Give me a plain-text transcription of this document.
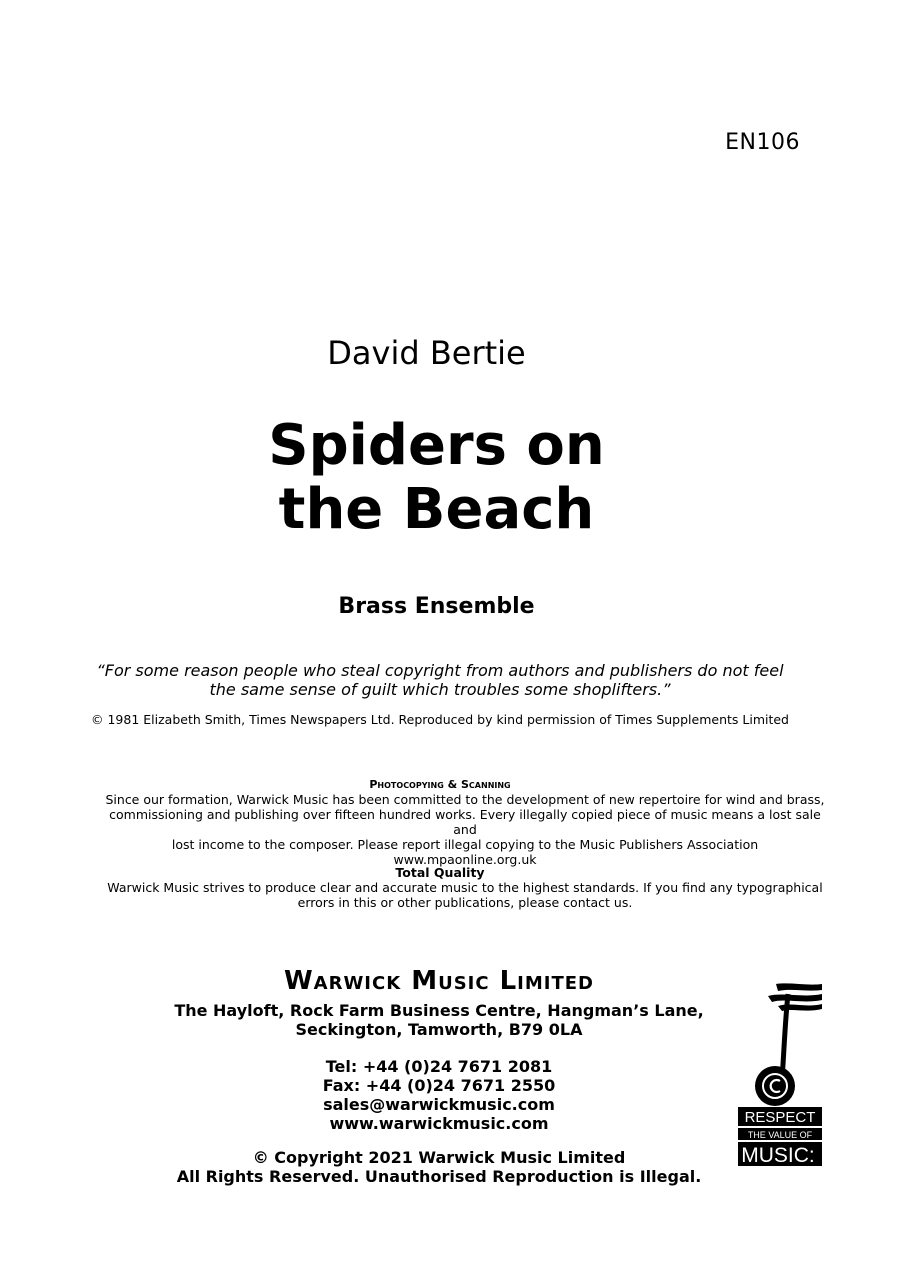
EN106
David Bertie
Spiders on
the Beach
Brass Ensemble
“For some reason people who steal copyright from authors and publishers do not feel
the same sense of guilt which troubles some shoplifters.”
© 1981 Elizabeth Smith, Times Newspapers Ltd. Reproduced by kind permission of Times Supplements Limited
Photocopying & Scanning
Since our formation, Warwick Music has been committed to the development of new repertoire for wind and brass,
commissioning and publishing over fifteen hundred works. Every illegally copied piece of music means a lost sale and
lost income to the composer. Please report illegal copying to the Music Publishers Association www.mpaonline.org.uk
Total Quality
Warwick Music strives to produce clear and accurate music to the highest standards. If you find any typographical
errors in this or other publications, please contact us.
Warwick Music Limited
The Hayloft, Rock Farm Business Centre, Hangman’s Lane,
Seckington, Tamworth, B79 0LA
Tel: +44 (0)24 7671 2081
Fax: +44 (0)24 7671 2550
sales@warwickmusic.com
www.warwickmusic.com
© Copyright 2021 Warwick Music Limited
All Rights Reserved. Unauthorised Reproduction is Illegal.
RESPECT
THE VALUE OF
MUSIC:
